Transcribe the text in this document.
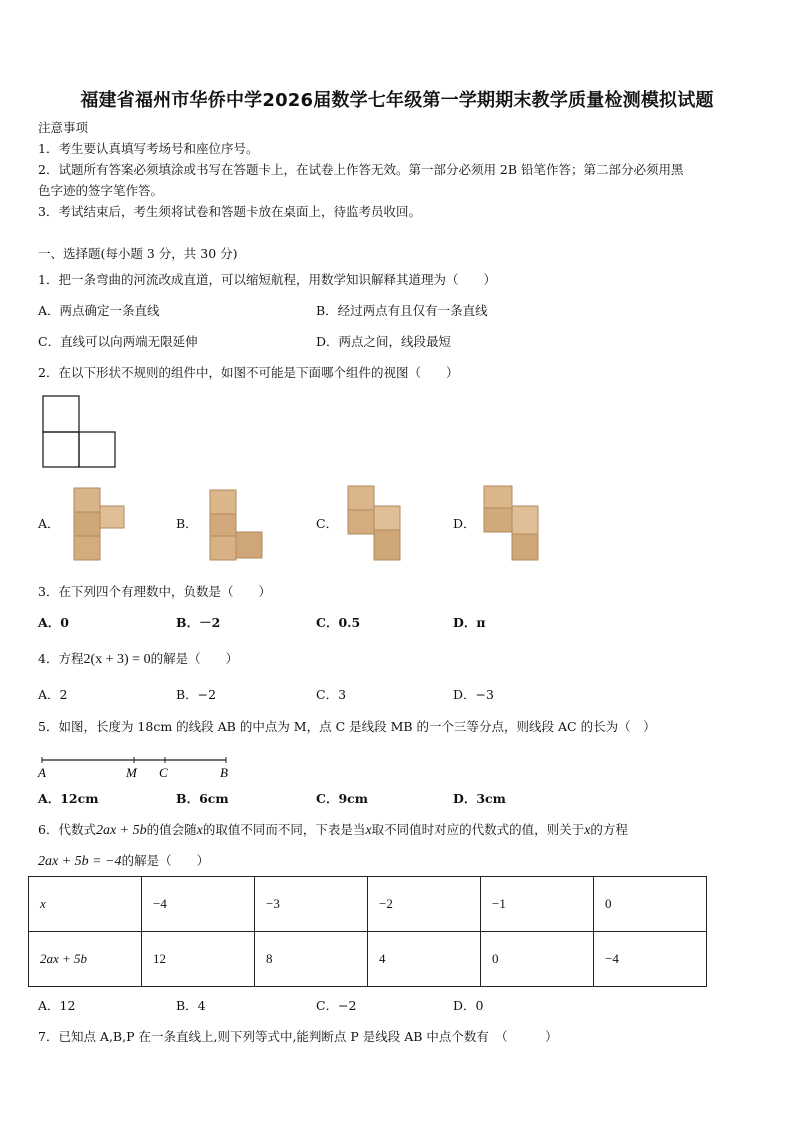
福建省福州市华侨中学2026届数学七年级第一学期期末教学质量检测模拟试题
注意事项
1．考生要认真填写考场号和座位序号。
2．试题所有答案必须填涂或书写在答题卡上，在试卷上作答无效。第一部分必须用 2B 铅笔作答；第二部分必须用黑
色字迹的签字笔作答。
3．考试结束后，考生须将试卷和答题卡放在桌面上，待监考员收回。
一、选择题(每小题 3 分，共 30 分)
1．把一条弯曲的河流改成直道，可以缩短航程，用数学知识解释其道理为（　　）
A．两点确定一条直线	B．经过两点有且仅有一条直线
C．直线可以向两端无限延伸	D．两点之间，线段最短
2．在以下形状不规则的组件中，如图不可能是下面哪个组件的视图（　　）
A．	B．	C．	D．
3．在下列四个有理数中，负数是（　　）
A．0	B．－2	C．0.5	D．π
4．方程2(x + 3) = 0的解是（　　）
A．2	B．−2	C．3	D．−3
5．如图，长度为 18cm 的线段 AB 的中点为 M，点 C 是线段 MB 的一个三等分点，则线段 AC 的长为（　）
A	M C	B
A．12cm	B．6cm	C．9cm	D．3cm
6．代数式2ax + 5b的值会随x的取值不同而不同，下表是当x取不同值时对应的代数式的值，则关于x的方程
2ax + 5b = −4的解是（　　）
x	−4	−3	−2	−1	0
2ax + 5b	12	8	4	0	−4
A．12	B．4	C．−2	D．0
7．已知点 A,B,P 在一条直线上,则下列等式中,能判断点 P 是线段 AB 中点个数有　（　　　）
